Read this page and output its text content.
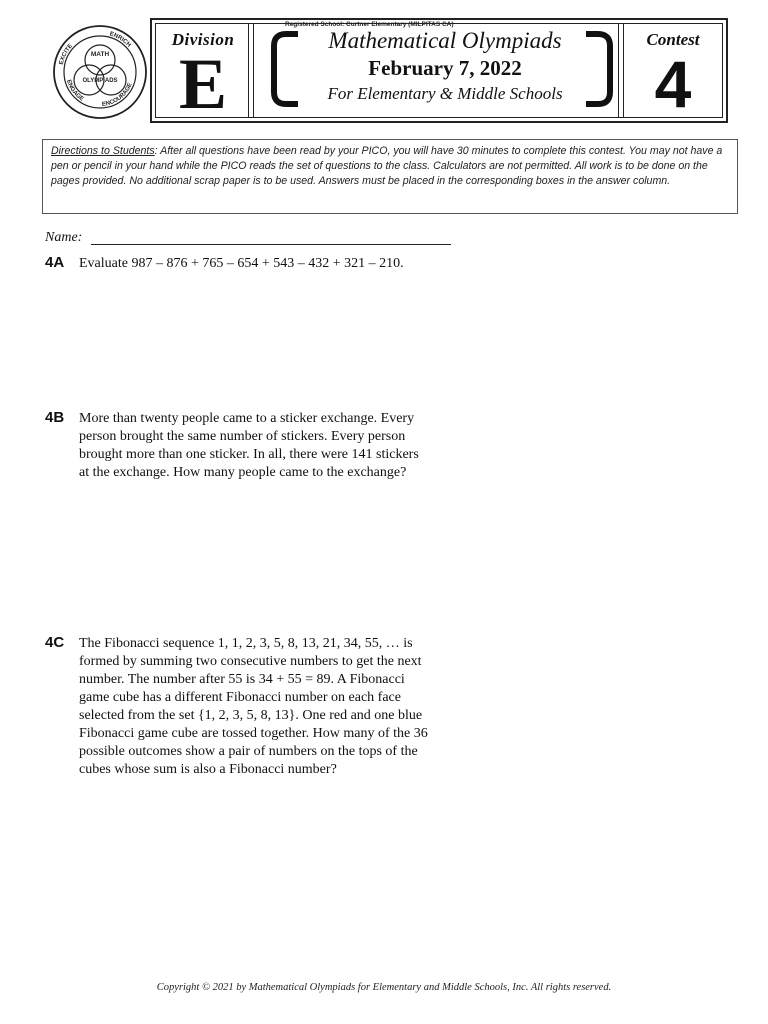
EXCITE
ENRICH
ENGAGE
ENCOURAGE
MATH
OLYMPIADS
Registered School: Curtner Elementary (MILPITAS CA)
Division
E
Mathematical Olympiads
February 7, 2022
For Elementary & Middle Schools
Contest
4
Directions to Students: After all questions have been read by your PICO, you will have 30 minutes to complete this contest. You may not have a pen or pencil in your hand while the PICO reads the set of questions to the class. Calculators are not permitted. All work is to be done on the pages provided. No additional scrap paper is to be used. Answers must be placed in the corresponding boxes in the answer column.
Name:
4A Evaluate 987 – 876 + 765 – 654 + 543 – 432 + 321 – 210.
4B More than twenty people came to a sticker exchange. Every
person brought the same number of stickers. Every person
brought more than one sticker. In all, there were 141 stickers
at the exchange. How many people came to the exchange?
4C The Fibonacci sequence 1, 1, 2, 3, 5, 8, 13, 21, 34, 55, … is
formed by summing two consecutive numbers to get the next
number. The number after 55 is 34 + 55 = 89. A Fibonacci
game cube has a different Fibonacci number on each face
selected from the set {1, 2, 3, 5, 8, 13}. One red and one blue
Fibonacci game cube are tossed together. How many of the 36
possible outcomes show a pair of numbers on the tops of the
cubes whose sum is also a Fibonacci number?
Copyright © 2021 by Mathematical Olympiads for Elementary and Middle Schools, Inc. All rights reserved.
